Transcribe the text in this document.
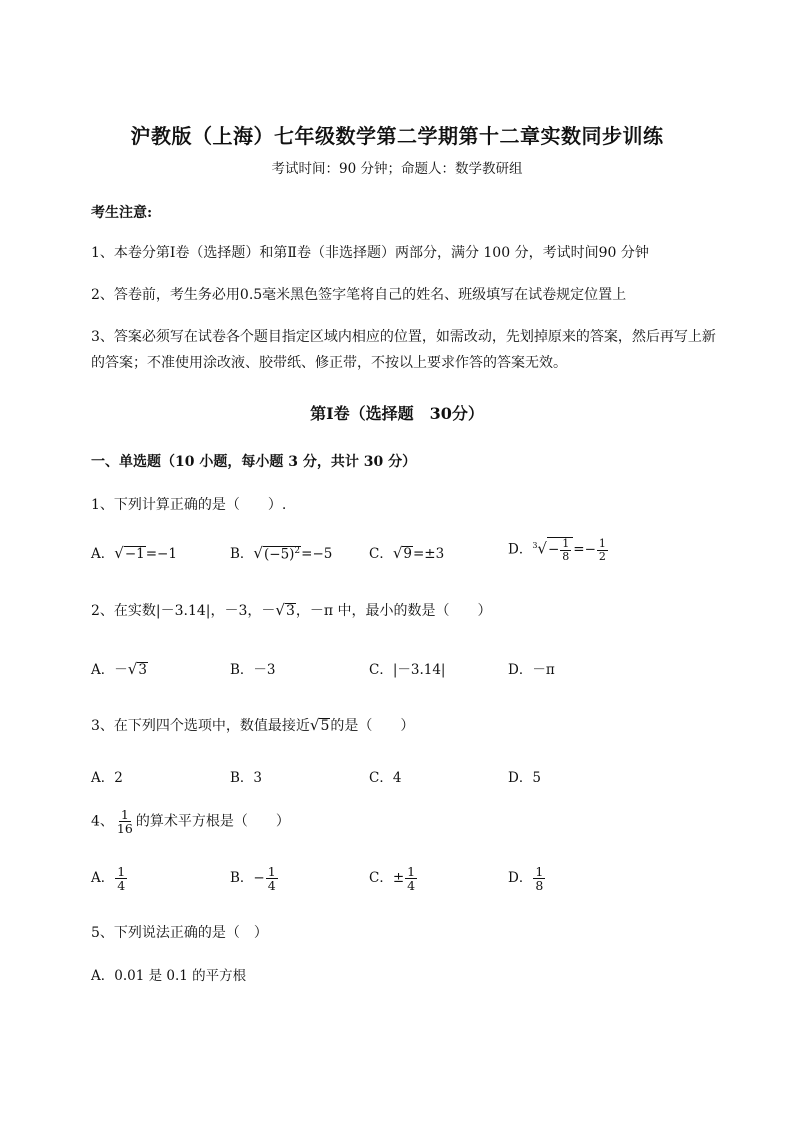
沪教版（上海）七年级数学第二学期第十二章实数同步训练
考试时间：90 分钟；命题人：数学教研组
考生注意:
1、本卷分第Ⅰ卷（选择题）和第Ⅱ卷（非选择题）两部分，满分 100 分，考试时间90 分钟
2、答卷前，考生务必用0.5毫米黑色签字笔将自己的姓名、班级填写在试卷规定位置上
3、答案必须写在试卷各个题目指定区域内相应的位置，如需改动，先划掉原来的答案，然后再写上新
的答案；不准使用涂改液、胶带纸、修正带，不按以上要求作答的答案无效。
第Ⅰ卷（选择题　30分）
一、单选题（10 小题，每小题 3 分，共计 30 分）
1、下列计算正确的是（　　）.
A．√−1=−1	B．$√(-5)^2=-5$	C．√9=±3	D．$^3√- \frac{1}{8} =- \frac{1}{2}$
2、在实数|－3.14|，－3，－√3，－π 中，最小的数是（　　）
A．－√3	B．－3	C．|－3.14|	D．－π
3、在下列四个选项中，数值最接近√5的是（　　）
A．2	B．3	C．4	D．5
4、 $\frac{1}{16}$ 的算术平方根是（　　）
A． $\frac{1}{4}$	B．− $\frac{1}{4}$	C．± $\frac{1}{4}$	D． $\frac{1}{8}$
5、下列说法正确的是（　）
A．0.01 是 0.1 的平方根
